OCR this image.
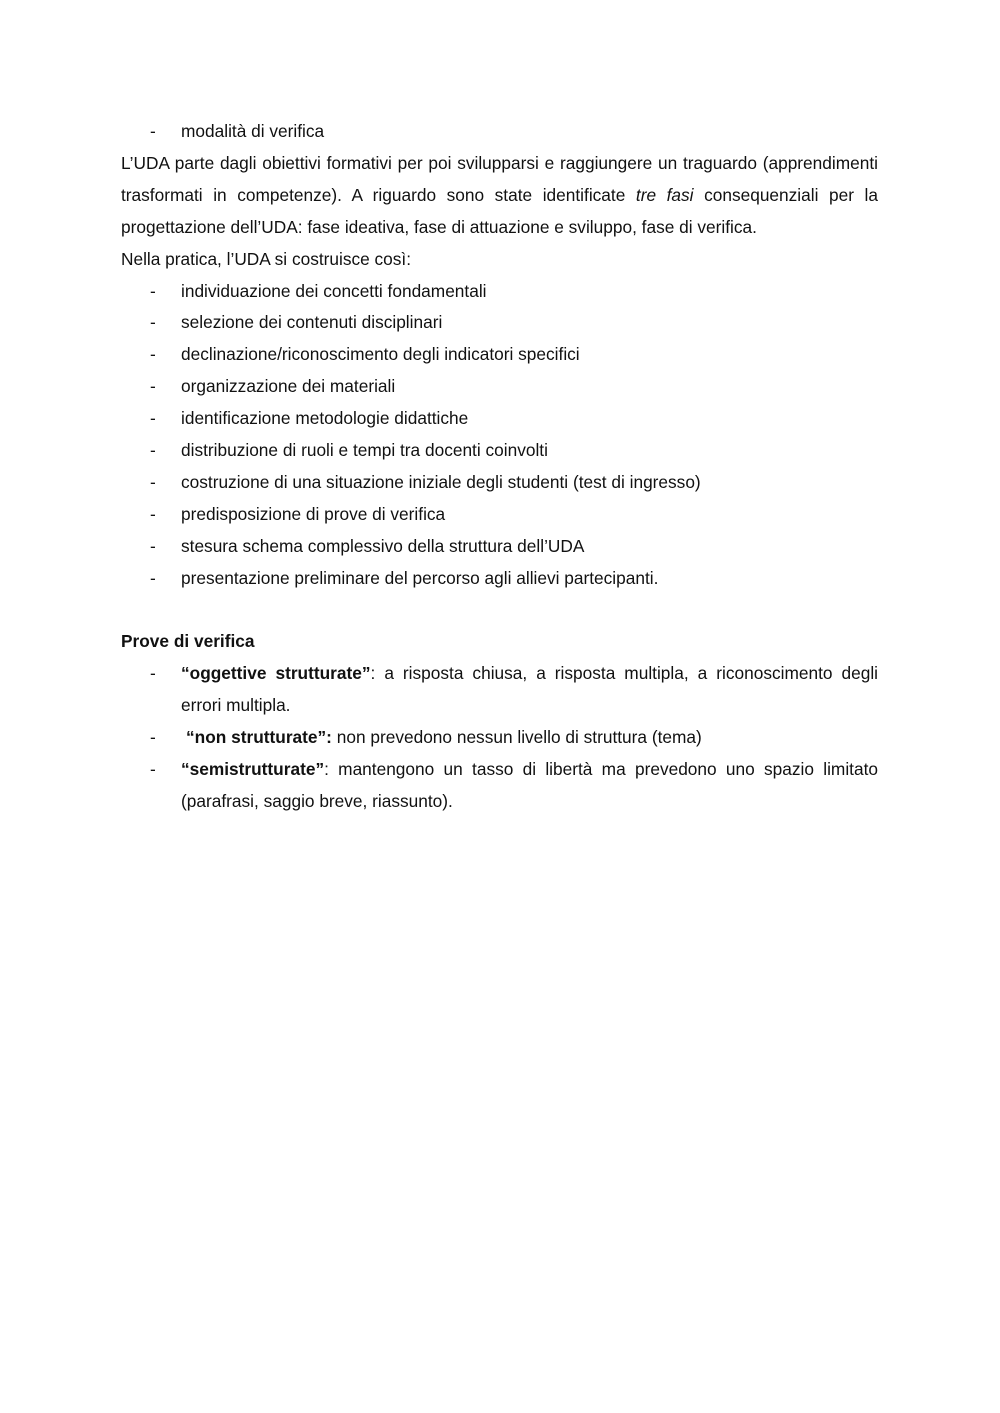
- modalità di verifica

L’UDA parte dagli obiettivi formativi per poi svilupparsi e raggiungere un traguardo (apprendimenti trasformati in competenze). A riguardo sono state identificate tre fasi consequenziali per la progettazione dell’UDA: fase ideativa, fase di attuazione e sviluppo, fase di verifica.

Nella pratica, l’UDA si costruisce così:

- individuazione dei concetti fondamentali
- selezione dei contenuti disciplinari
- declinazione/riconoscimento degli indicatori specifici
- organizzazione dei materiali
- identificazione metodologie didattiche
- distribuzione di ruoli e tempi tra docenti coinvolti
- costruzione di una situazione iniziale degli studenti (test di ingresso)
- predisposizione di prove di verifica
- stesura schema complessivo della struttura dell’UDA
- presentazione preliminare del percorso agli allievi partecipanti.

Prove di verifica

- “oggettive strutturate”: a risposta chiusa, a risposta multipla, a riconoscimento degli errori multipla.
- “non strutturate”: non prevedono nessun livello di struttura (tema)
- “semistrutturate”: mantengono un tasso di libertà ma prevedono uno spazio limitato (parafrasi, saggio breve, riassunto).
